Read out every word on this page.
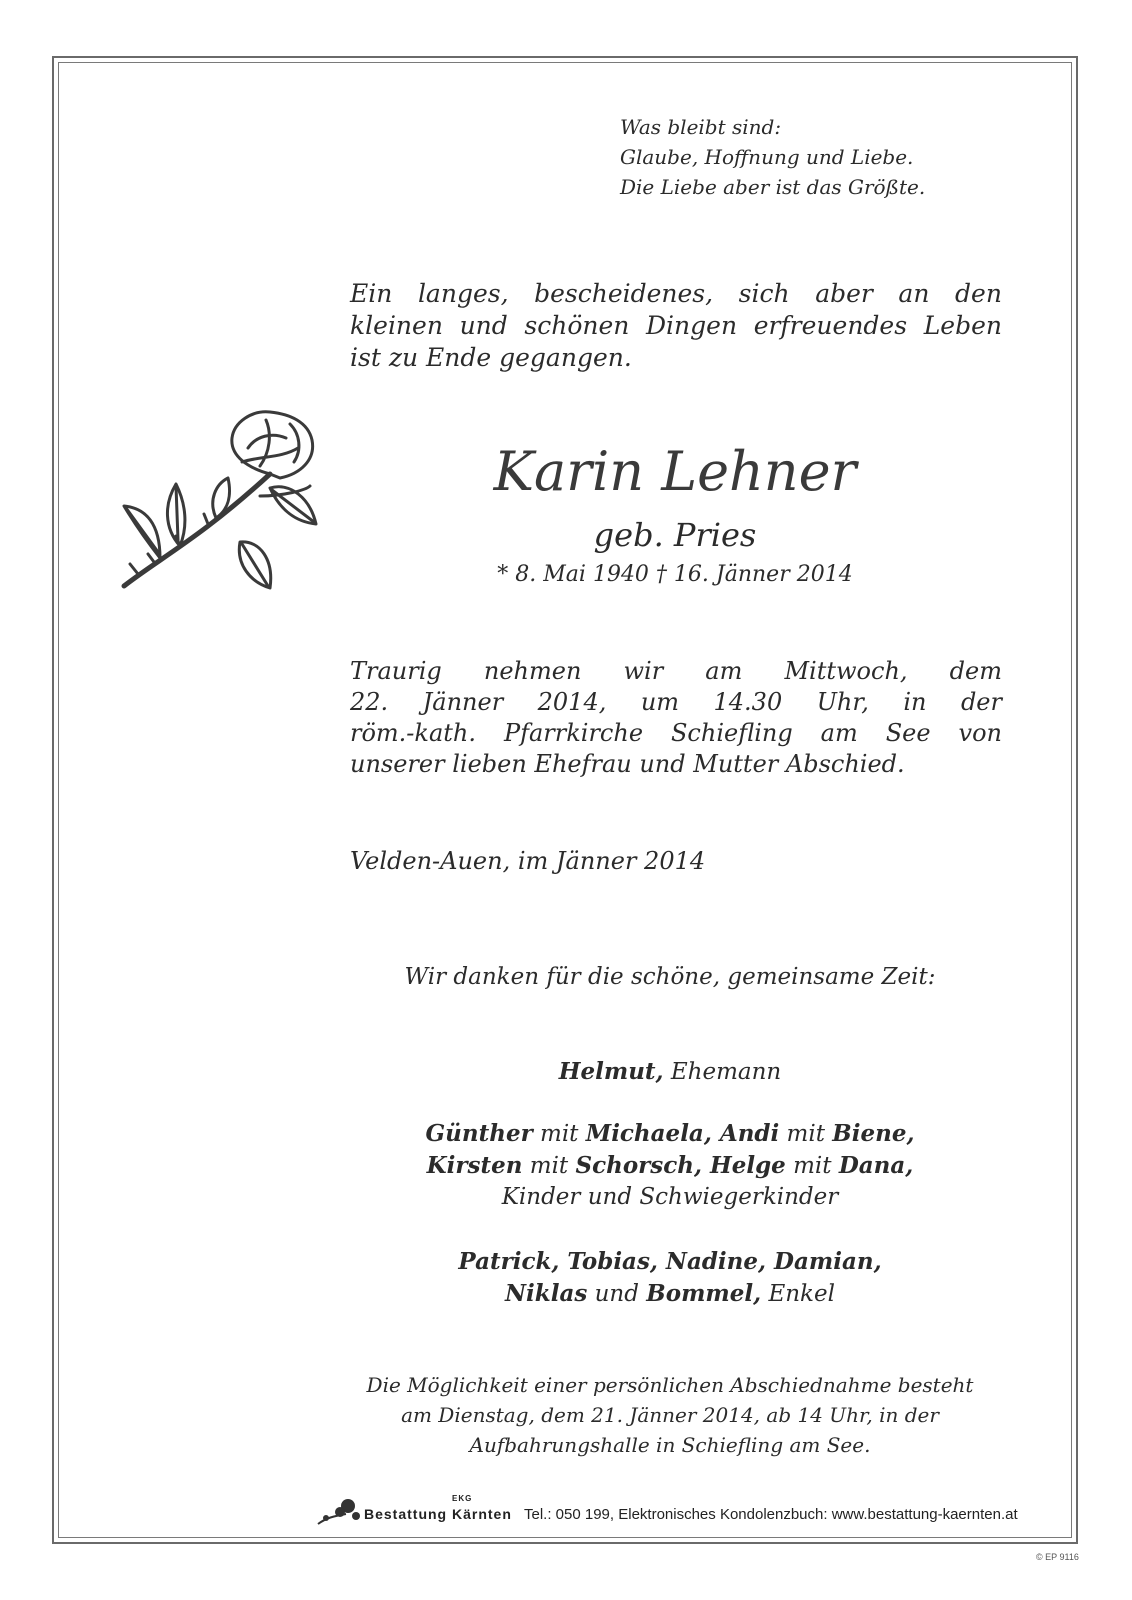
Was bleibt sind:
Glaube, Hoffnung und Liebe.
Die Liebe aber ist das Größte.
Ein langes, bescheidenes, sich aber an den
kleinen und schönen Dingen erfreuendes Leben
ist zu Ende gegangen.
Karin Lehner
geb. Pries
* 8. Mai 1940 † 16. Jänner 2014
Traurig nehmen wir am Mittwoch, dem
22. Jänner 2014, um 14.30 Uhr, in der
röm.-kath. Pfarrkirche Schiefling am See von
unserer lieben Ehefrau und Mutter Abschied.
Velden-Auen, im Jänner 2014
Wir danken für die schöne, gemeinsame Zeit:
Helmut, Ehemann
Günther mit Michaela, Andi mit Biene,
Kirsten mit Schorsch, Helge mit Dana,
Kinder und Schwiegerkinder
Patrick, Tobias, Nadine, Damian,
Niklas und Bommel, Enkel
Die Möglichkeit einer persönlichen Abschiednahme besteht
am Dienstag, dem 21. Jänner 2014, ab 14 Uhr, in der
Aufbahrungshalle in Schiefling am See.
EKG
Bestattung Kärnten Tel.: 050 199, Elektronisches Kondolenzbuch: www.bestattung-kaernten.at
© EP 9116
